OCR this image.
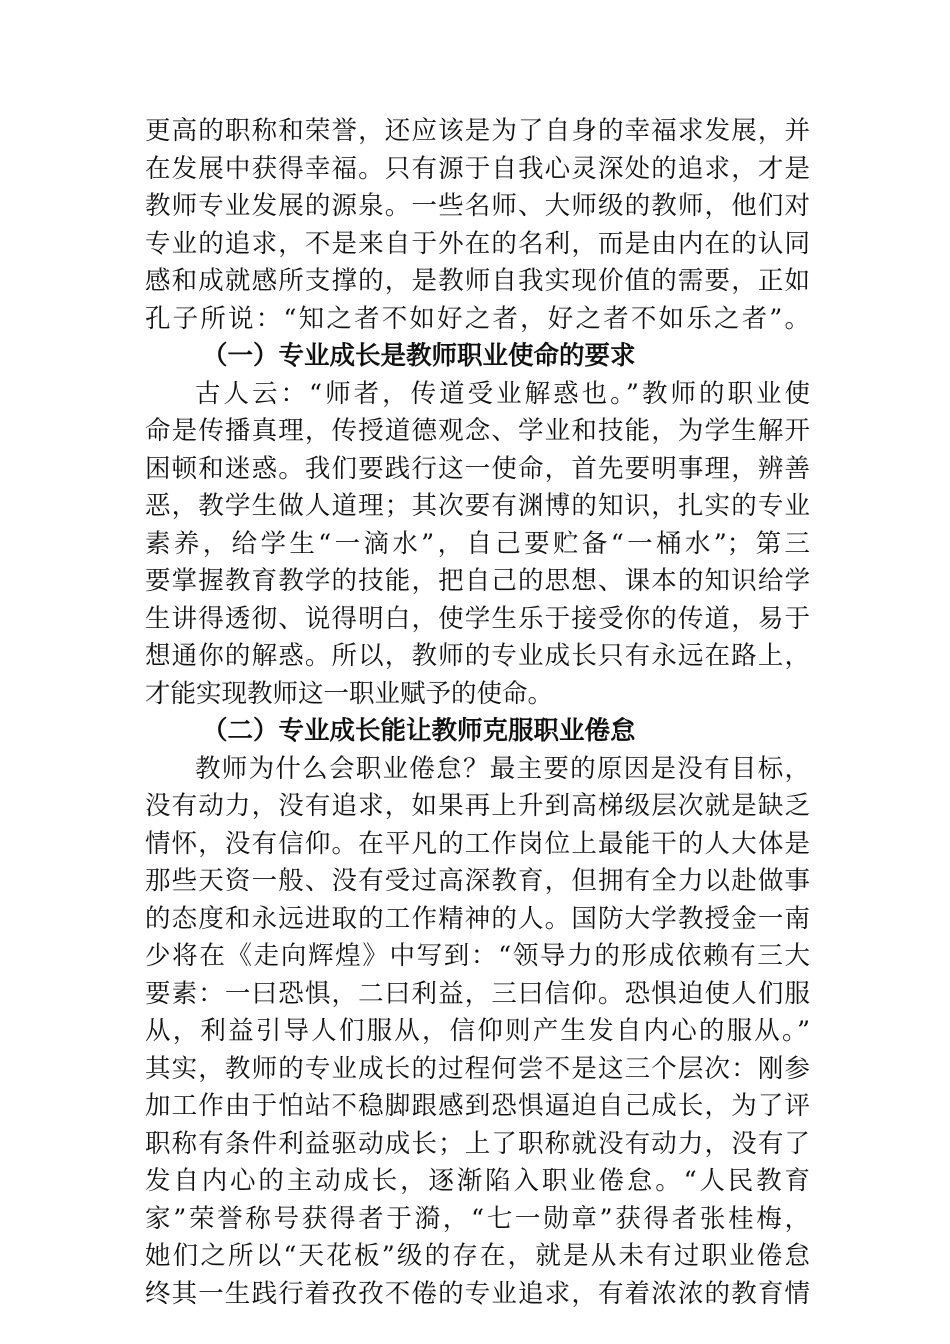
更高的职称和荣誉，还应该是为了自身的幸福求发展，并
在发展中获得幸福。只有源于自我心灵深处的追求，才是
教师专业发展的源泉。一些名师、大师级的教师，他们对
专业的追求，不是来自于外在的名利，而是由内在的认同
感和成就感所支撑的，是教师自我实现价值的需要，正如
孔子所说：“知之者不如好之者，好之者不如乐之者”。
（一）专业成长是教师职业使命的要求
古人云：“师者，传道受业解惑也。”教师的职业使
命是传播真理，传授道德观念、学业和技能，为学生解开
困顿和迷惑。我们要践行这一使命，首先要明事理，辨善
恶，教学生做人道理；其次要有渊博的知识，扎实的专业
素养，给学生“一滴水”，自己要贮备“一桶水”；第三
要掌握教育教学的技能，把自己的思想、课本的知识给学
生讲得透彻、说得明白，使学生乐于接受你的传道，易于
想通你的解惑。所以，教师的专业成长只有永远在路上，
才能实现教师这一职业赋予的使命。
（二）专业成长能让教师克服职业倦怠
教师为什么会职业倦怠？最主要的原因是没有目标，
没有动力，没有追求，如果再上升到高梯级层次就是缺乏
情怀，没有信仰。在平凡的工作岗位上最能干的人大体是
那些天资一般、没有受过高深教育，但拥有全力以赴做事
的态度和永远进取的工作精神的人。国防大学教授金一南
少将在《走向辉煌》中写到：“领导力的形成依赖有三大
要素：一曰恐惧，二曰利益，三曰信仰。恐惧迫使人们服
从，利益引导人们服从，信仰则产生发自内心的服从。”
其实，教师的专业成长的过程何尝不是这三个层次：刚参
加工作由于怕站不稳脚跟感到恐惧逼迫自己成长，为了评
职称有条件利益驱动成长；上了职称就没有动力，没有了
发自内心的主动成长，逐渐陷入职业倦怠。“人民教育
家”荣誉称号获得者于漪，“七一勋章”获得者张桂梅，
她们之所以“天花板”级的存在，就是从未有过职业倦怠
终其一生践行着孜孜不倦的专业追求，有着浓浓的教育情
